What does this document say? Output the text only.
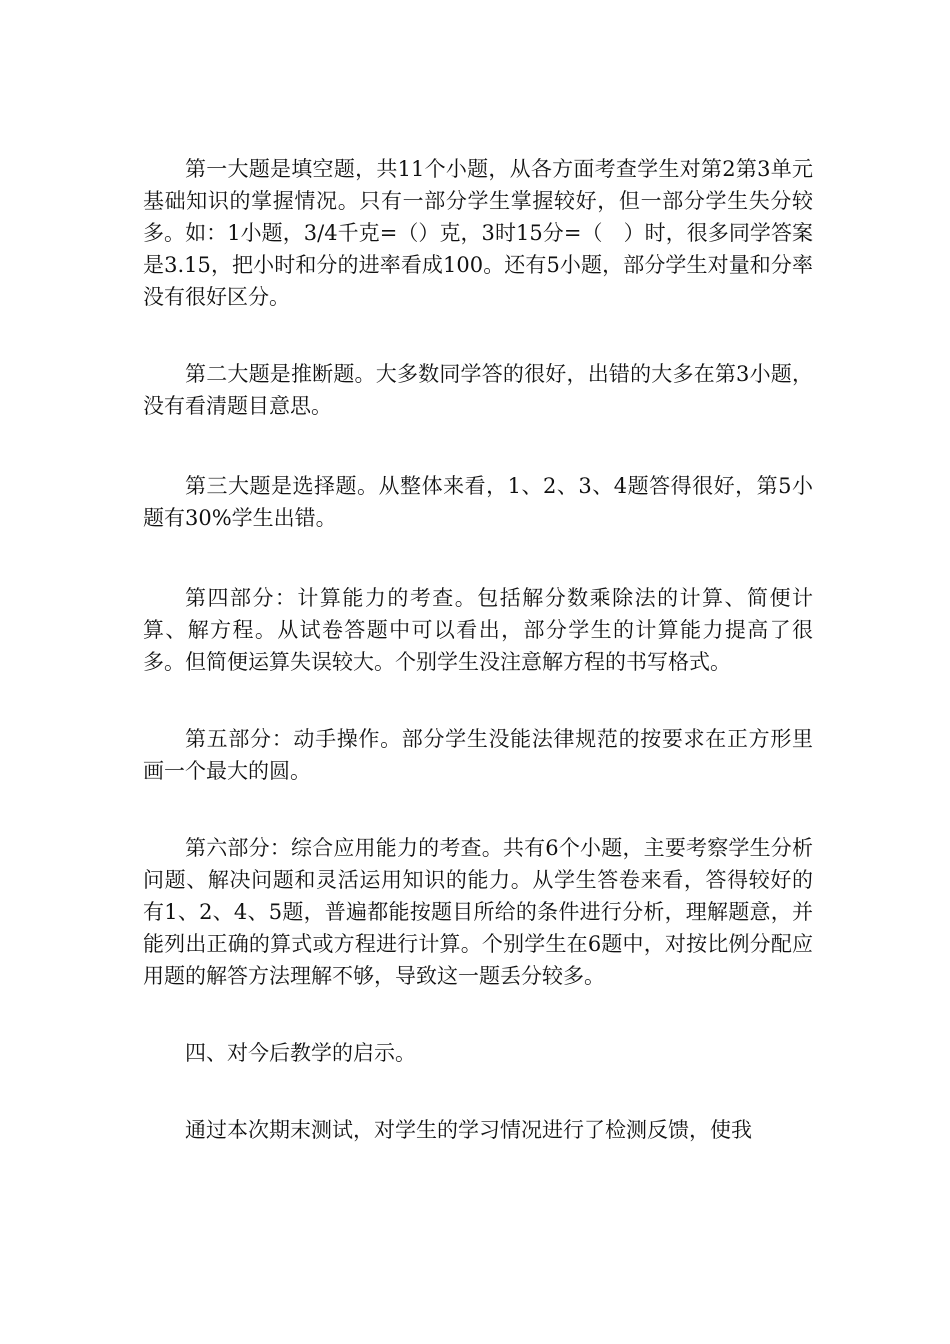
第一大题是填空题，共11个小题，从各方面考查学生对第2第3单元基础知识的掌握情况。只有一部分学生掌握较好，但一部分学生失分较多。如：1小题，3/4千克=（）克，3时15分=（　）时，很多同学答案是3.15，把小时和分的进率看成100。还有5小题，部分学生对量和分率没有很好区分。

第二大题是推断题。大多数同学答的很好，出错的大多在第3小题，没有看清题目意思。

第三大题是选择题。从整体来看，1、2、3、4题答得很好，第5小题有30%学生出错。

第四部分：计算能力的考查。包括解分数乘除法的计算、简便计算、解方程。从试卷答题中可以看出，部分学生的计算能力提高了很多。但简便运算失误较大。个别学生没注意解方程的书写格式。

第五部分：动手操作。部分学生没能法律规范的按要求在正方形里画一个最大的圆。

第六部分：综合应用能力的考查。共有6个小题，主要考察学生分析问题、解决问题和灵活运用知识的能力。从学生答卷来看，答得较好的有1、2、4、5题，普遍都能按题目所给的条件进行分析，理解题意，并能列出正确的算式或方程进行计算。个别学生在6题中，对按比例分配应用题的解答方法理解不够，导致这一题丢分较多。

四、对今后教学的启示。

通过本次期末测试，对学生的学习情况进行了检测反馈，使我
